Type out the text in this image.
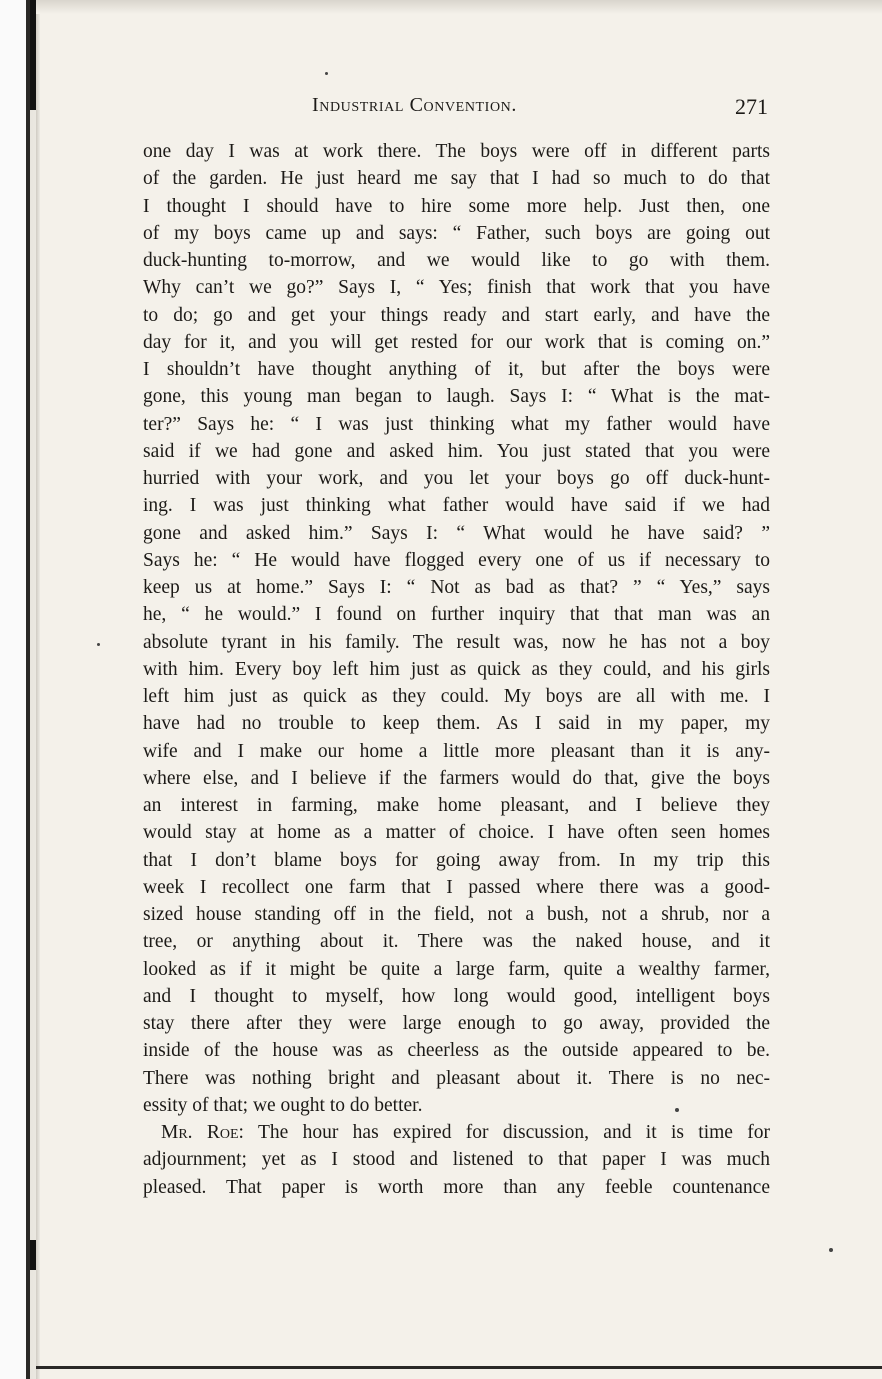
Industrial Convention.	271
one day I was at work there. The boys were off in different parts
of the garden. He just heard me say that I had so much to do that
I thought I should have to hire some more help. Just then, one
of my boys came up and says: “ Father, such boys are going out
duck-hunting to-morrow, and we would like to go with them.
Why can’t we go?” Says I, “ Yes; finish that work that you have
to do; go and get your things ready and start early, and have the
day for it, and you will get rested for our work that is coming on.”
I shouldn’t have thought anything of it, but after the boys were
gone, this young man began to laugh. Says I: “ What is the mat-
ter?” Says he: “ I was just thinking what my father would have
said if we had gone and asked him. You just stated that you were
hurried with your work, and you let your boys go off duck-hunt-
ing. I was just thinking what father would have said if we had
gone and asked him.” Says I: “ What would he have said? ”
Says he: “ He would have flogged every one of us if necessary to
keep us at home.” Says I: “ Not as bad as that? ” “ Yes,” says
he, “ he would.” I found on further inquiry that that man was an
absolute tyrant in his family. The result was, now he has not a boy
with him. Every boy left him just as quick as they could, and his girls
left him just as quick as they could. My boys are all with me. I
have had no trouble to keep them. As I said in my paper, my
wife and I make our home a little more pleasant than it is any-
where else, and I believe if the farmers would do that, give the boys
an interest in farming, make home pleasant, and I believe they
would stay at home as a matter of choice. I have often seen homes
that I don’t blame boys for going away from. In my trip this
week I recollect one farm that I passed where there was a good-
sized house standing off in the field, not a bush, not a shrub, nor a
tree, or anything about it. There was the naked house, and it
looked as if it might be quite a large farm, quite a wealthy farmer,
and I thought to myself, how long would good, intelligent boys
stay there after they were large enough to go away, provided the
inside of the house was as cheerless as the outside appeared to be.
There was nothing bright and pleasant about it. There is no nec-
essity of that; we ought to do better.
Mr. Roe: The hour has expired for discussion, and it is time for
adjournment; yet as I stood and listened to that paper I was much
pleased. That paper is worth more than any feeble countenance
